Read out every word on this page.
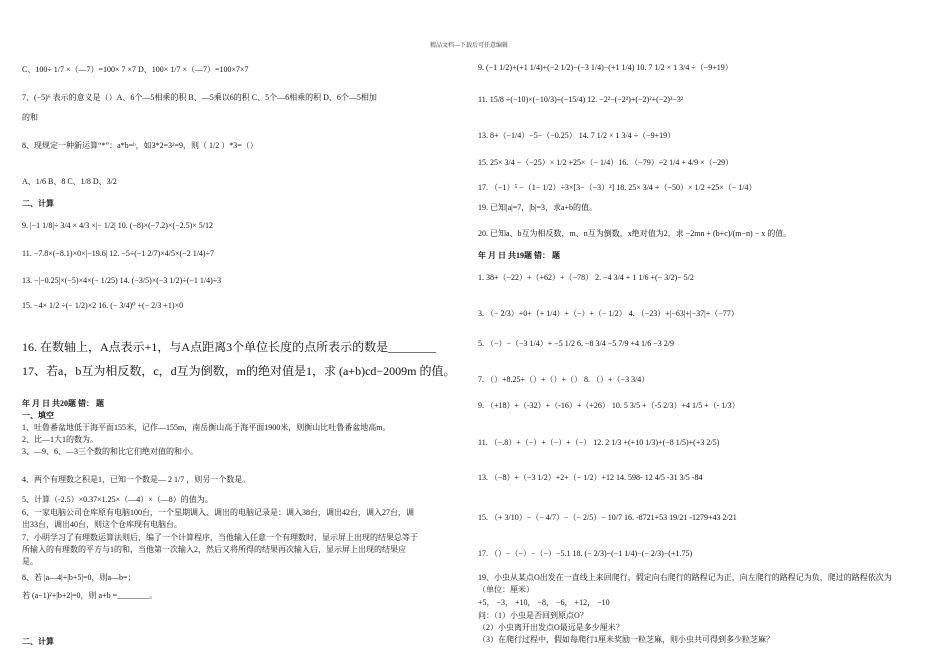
精品文档---下载后可任意编辑
C、100÷ 1/7 ×（—7）=100× 7 ×7 D、100× 1/7 ×（—7）=100×7×7
7、(−5)⁶ 表示的意义是（）A、6个—5相乘的积 B、—5乘以6的积 C、5个—6相乘的积 D、6个—5相加
的和
8、现规定一种新运算“*”：a*b=ᵇ，如3*2=3²=9，则（ 1/2 ）*3=（）
A、1/6 B、8 C、1/8 D、3/2
二、计算
9. |−1 1/8|÷ 3/4 × 4/3 ×|− 1/2| 10. (−8)×(−7.2)×(−2.5)× 5/12
11. −7.8×(−8.1)×0×|−19.6| 12. −5÷(−1 2/7)×4/5×(−2 1/4)÷7
13. −|−0.25|×(−5)×4×(− 1/25) 14. (−3/5)×(−3 1/2)÷(−1 1/4)÷3
15. −4× 1/2 ÷(− 1/2)×2 16. (− 3/4)⁰ +(− 2/3 +1)×0
16. 在数轴上，A点表示+1，与A点距离3个单位长度的点所表示的数是________
17、若a，b互为相反数，c，d互为倒数，m的绝对值是1，求 (a+b)cd−2009m 的值。
年 月 日 共20题 错： 题
一、填空
1、吐鲁番盆地低于海平面155米，记作—155m，南岳衡山高于海平面1900米，则衡山比吐鲁番盆地高m。
2、比—1大1的数为。
3、—9、6、—3三个数的和比它们绝对值的和小。
4、两个有理数之积是1，已知一个数是— 2 1/7 ，则另一个数是。
5、计算（-2.5）×0.37×1.25×（—4）×（—8）的值为。
6、一家电脑公司仓库原有电脑100台，一个星期调入、调出的电脑记录是：调入38台，调出42台，调入27台，调
出33台，调出40台，则这个仓库现有电脑台。
7、小明学习了有理数运算法则后，编了一个计算程序，当他输入任意一个有理数时，显示屏上出现的结果总等于
所输入的有理数的平方与1的和，当他第一次输入2，然后又将所得的结果再次输入后，显示屏上出现的结果应
是。
8、若 |a—4|+|b+5|=0，则a—b=；
若 (a−1)²+|b+2|=0，则 a+b =________。
二、计算
9. (−1 1/2)+(+1 1/4)+(−2 1/2)−(−3 1/4)−(+1 1/4) 10. 7 1/2 × 1 3/4 ÷（−9+19）
11. 15/8 ÷(−10)×(−10/3)÷(−15/4) 12. −2²−(−2²)+(−2)²+(−2)³−3²
13. 8+（−1/4）−5−（−0.25） 14. 7 1/2 × 1 3/4 ÷（−9+19）
15. 25× 3/4 −（−25）× 1/2 +25×（− 1/4）16. （−79）÷2 1/4 + 4/9 ×（−29）
17. （−1）⁵ −（1− 1/2）÷3×[3−（−3）²] 18. 25× 3/4 +（−50）× 1/2 +25×（− 1/4）
19. 已知|a|=7，|b|=3，求a+b的值。
20. 已知a、b互为相反数，m、n互为倒数，x绝对值为2，求 −2mn + (b+c)/(m−n) − x 的值。
年 月 日 共19题 错： 题
1. 38+（−22）+（+62）+（−78） 2. −4 3/4 + 1 1/6 +(− 3/2)− 5/2
3. （− 2/3）+0+（+ 1/4）+（−）+（− 1/2） 4. （−23）+|−63|+|−37|+（−77）
5. （−）−（−3 1/4）+ −5 1/2 6. −8 3/4 −5 7/9 +4 1/6 −3 2/9
7. （）+8.25+（）+（）+（） 8. （）+（−3 3/4）
9. （+18）+（-32）+（-16）+（+26） 10. 5 3/5 +（-5 2/3）+4 1/5 +（- 1/3）
11. （−.8）+（−）+（−）+（−） 12. 2 1/3 +(+10 1/3)+(−8 1/5)+(+3 2/5)
13. （−8）+（−3 1/2）+2+（− 1/2）+12 14. 598- 12 4/5 -31 3/5 -84
15. （+ 3/10）−（− 4/7）−（− 2/5）− 10/7 16. -8721+53 19/21 -1279+43 2/21
17. （）−（−）−（−）−5.1 18. (− 2/3)−(−1 1/4)−(− 2/3)−(+1.75)
19、小虫从某点O出发在一直线上来回爬行，假定向右爬行的路程记为正，向左爬行的路程记为负，爬过的路程依次为
（单位：厘米）
+5， −3， +10， −8， −6， +12， −10
问：（1）小虫是否回到原点O？
（2）小虫离开出发点O最远是多少厘米？
（3）在爬行过程中，假如每爬行1厘米奖励一粒芝麻，则小虫共可得到多少粒芝麻？
